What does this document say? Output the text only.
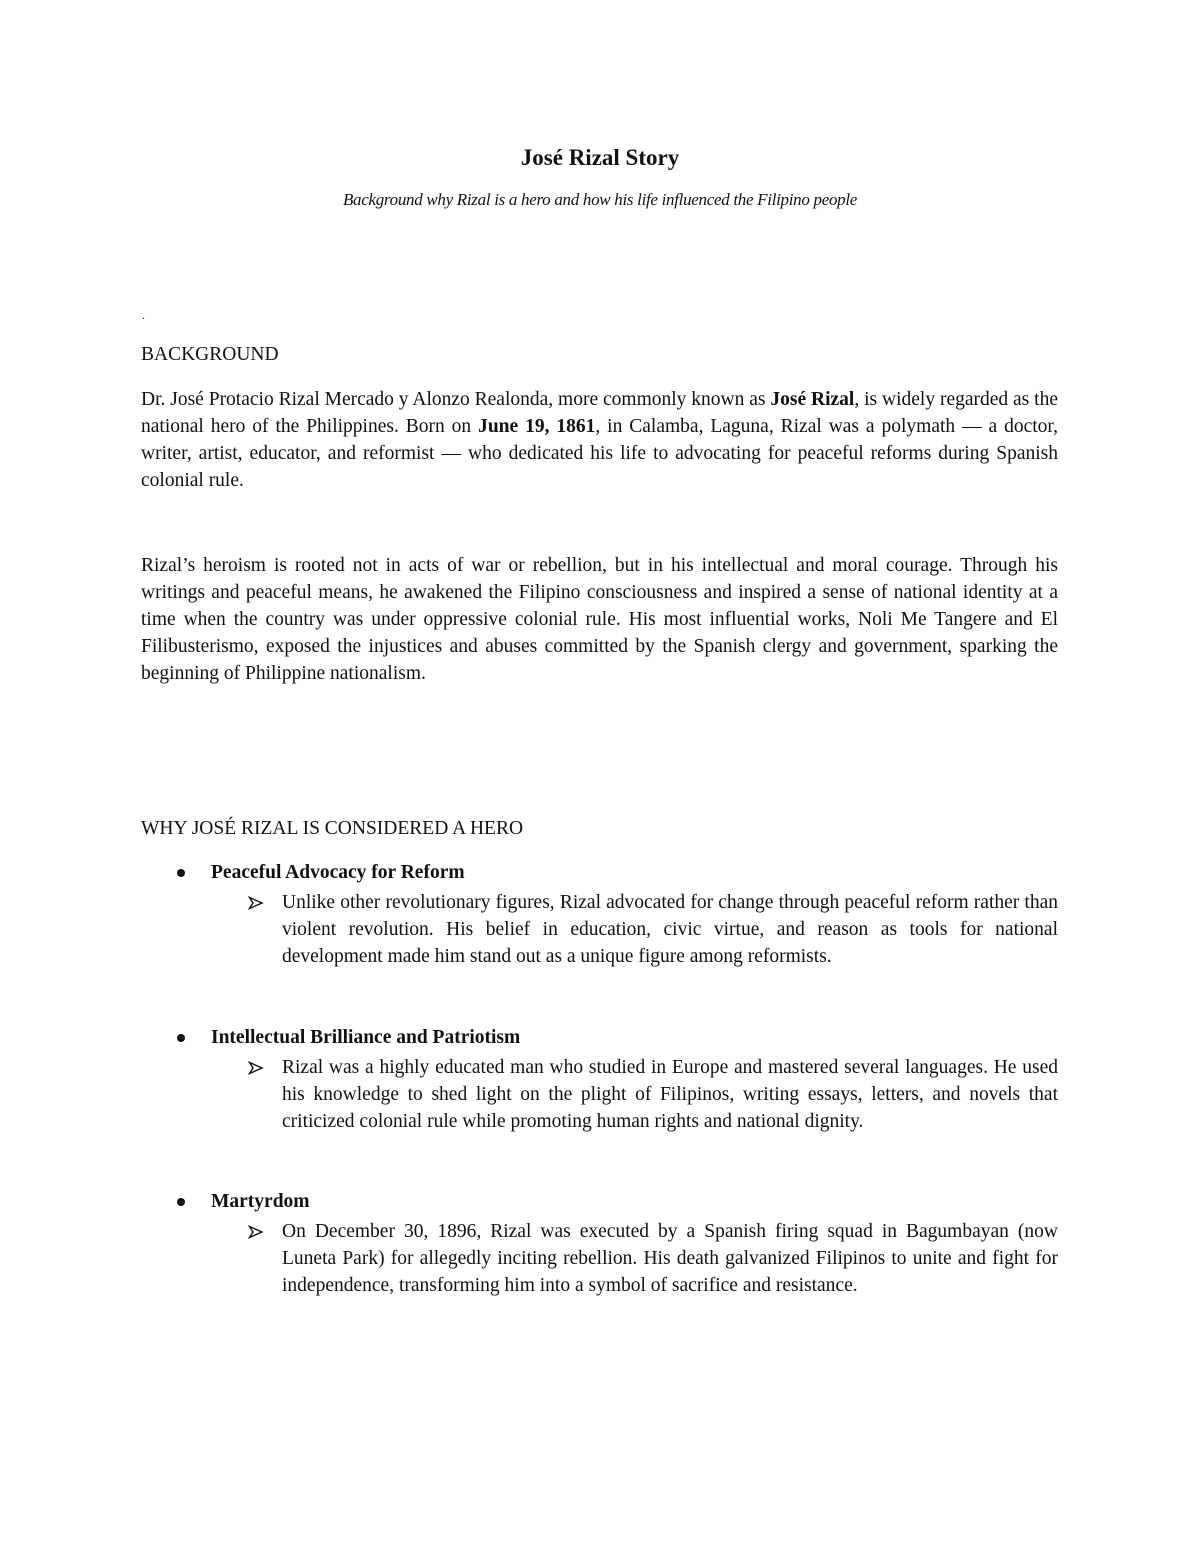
José Rizal Story
Background why Rizal is a hero and how his life influenced the Filipino people
.
BACKGROUND

Dr. José Protacio Rizal Mercado y Alonzo Realonda, more commonly known as José Rizal, is widely regarded as the national hero of the Philippines. Born on June 19, 1861, in Calamba, Laguna, Rizal was a polymath — a doctor, writer, artist, educator, and reformist — who dedicated his life to advocating for peaceful reforms during Spanish colonial rule.

Rizal’s heroism is rooted not in acts of war or rebellion, but in his intellectual and moral courage. Through his writings and peaceful means, he awakened the Filipino consciousness and inspired a sense of national identity at a time when the country was under oppressive colonial rule. His most influential works, Noli Me Tangere and El Filibusterismo, exposed the injustices and abuses committed by the Spanish clergy and government, sparking the beginning of Philippine nationalism.

WHY JOSÉ RIZAL IS CONSIDERED A HERO
Peaceful Advocacy for Reform
Unlike other revolutionary figures, Rizal advocated for change through peaceful reform rather than violent revolution. His belief in education, civic virtue, and reason as tools for national development made him stand out as a unique figure among reformists.
Intellectual Brilliance and Patriotism
Rizal was a highly educated man who studied in Europe and mastered several languages. He used his knowledge to shed light on the plight of Filipinos, writing essays, letters, and novels that criticized colonial rule while promoting human rights and national dignity.
Martyrdom
On December 30, 1896, Rizal was executed by a Spanish firing squad in Bagumbayan (now Luneta Park) for allegedly inciting rebellion. His death galvanized Filipinos to unite and fight for independence, transforming him into a symbol of sacrifice and resistance.
